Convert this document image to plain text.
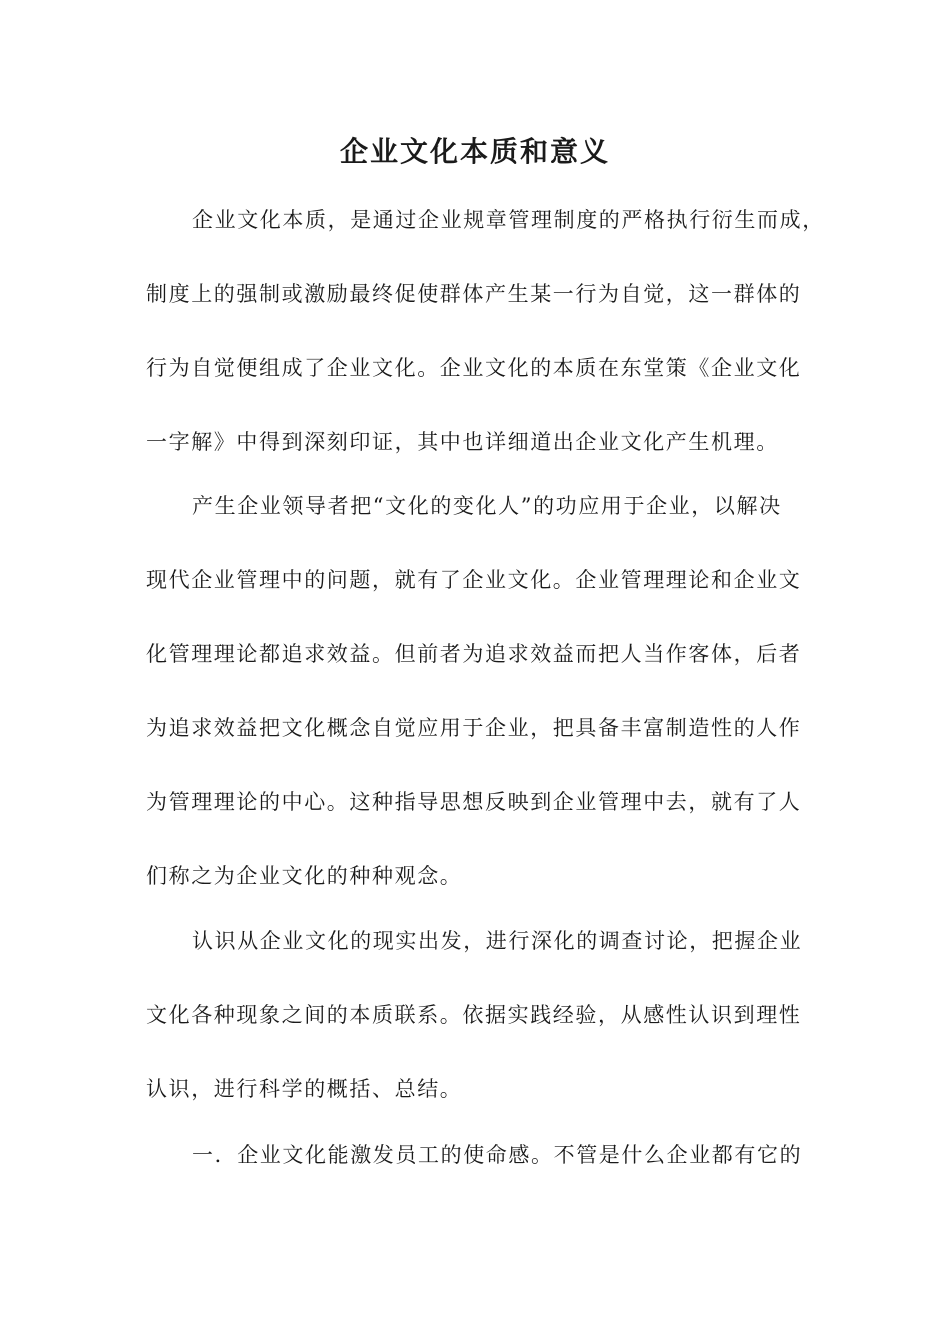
企业文化本质和意义
企业文化本质，是通过企业规章管理制度的严格执行衍生而成，
制度上的强制或激励最终促使群体产生某一行为自觉，这一群体的
行为自觉便组成了企业文化。企业文化的本质在东堂策《企业文化
一字解》中得到深刻印证，其中也详细道出企业文化产生机理。
产生企业领导者把“文化的变化人”的功应用于企业，以解决
现代企业管理中的问题，就有了企业文化。企业管理理论和企业文
化管理理论都追求效益。但前者为追求效益而把人当作客体，后者
为追求效益把文化概念自觉应用于企业，把具备丰富制造性的人作
为管理理论的中心。这种指导思想反映到企业管理中去，就有了人
们称之为企业文化的种种观念。
认识从企业文化的现实出发，进行深化的调查讨论，把握企业
文化各种现象之间的本质联系。依据实践经验，从感性认识到理性
认识，进行科学的概括、总结。
一．企业文化能激发员工的使命感。不管是什么企业都有它的
